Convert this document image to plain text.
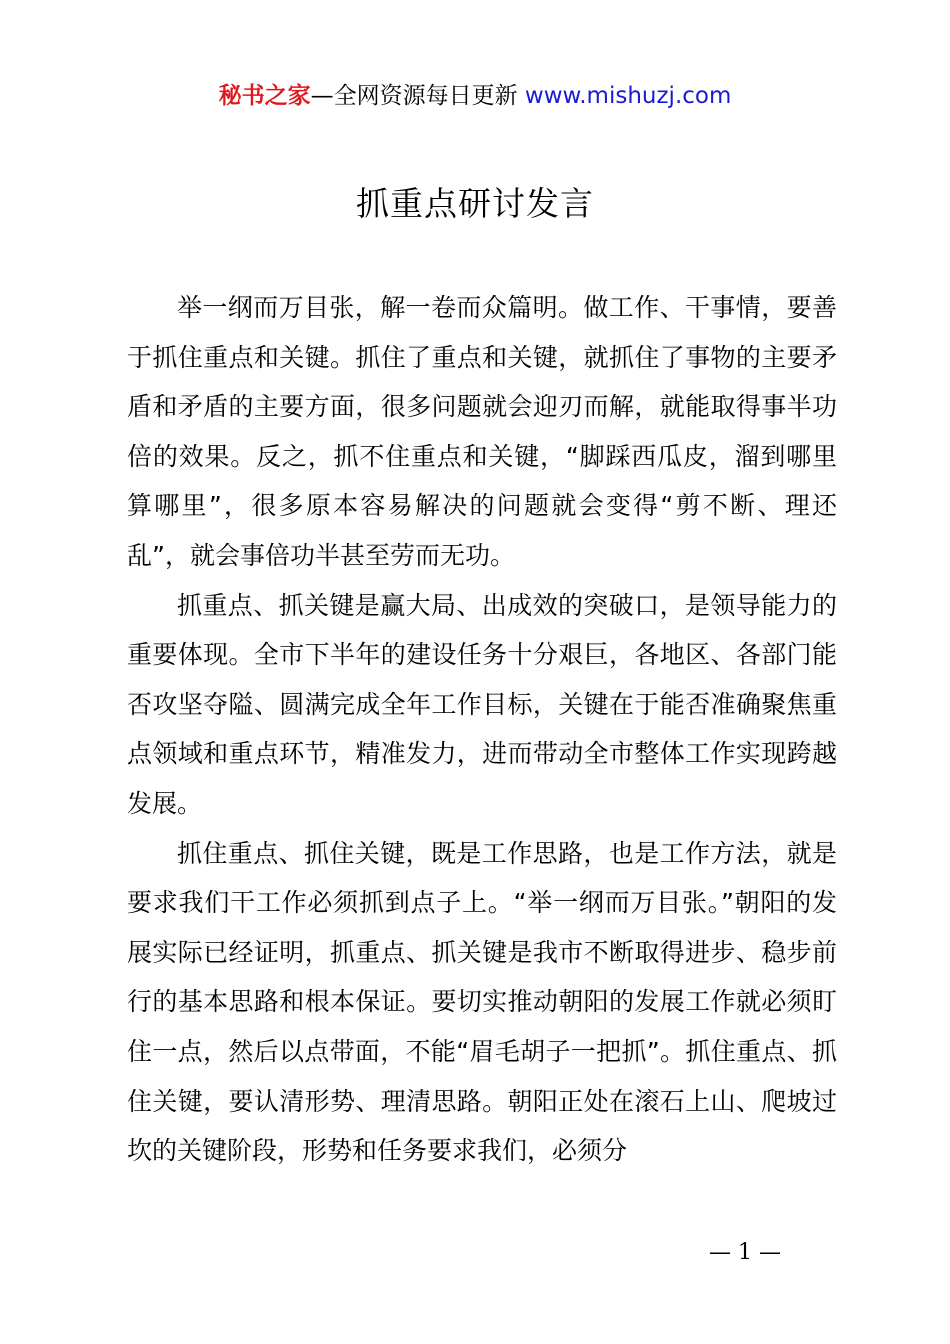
秘书之家—全网资源每日更新 www.mishuzj.com
抓重点研讨发言

举一纲而万目张，解一卷而众篇明。做工作、干事情，要善于抓住重点和关键。抓住了重点和关键，就抓住了事物的主要矛盾和矛盾的主要方面，很多问题就会迎刃而解，就能取得事半功倍的效果。反之，抓不住重点和关键，“脚踩西瓜皮，溜到哪里算哪里”，很多原本容易解决的问题就会变得“剪不断、理还乱”，就会事倍功半甚至劳而无功。

抓重点、抓关键是赢大局、出成效的突破口，是领导能力的重要体现。全市下半年的建设任务十分艰巨，各地区、各部门能否攻坚夺隘、圆满完成全年工作目标，关键在于能否准确聚焦重点领域和重点环节，精准发力，进而带动全市整体工作实现跨越发展。

抓住重点、抓住关键，既是工作思路，也是工作方法，就是要求我们干工作必须抓到点子上。“举一纲而万目张。”朝阳的发展实际已经证明，抓重点、抓关键是我市不断取得进步、稳步前行的基本思路和根本保证。要切实推动朝阳的发展工作就必须盯住一点，然后以点带面，不能“眉毛胡子一把抓”。抓住重点、抓住关键，要认清形势、理清思路。朝阳正处在滚石上山、爬坡过坎的关键阶段，形势和任务要求我们，必须分

— 1 —
